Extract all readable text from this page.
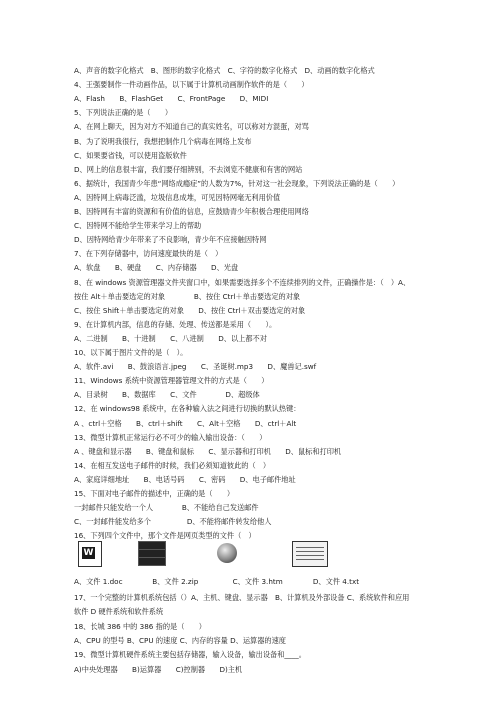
A、声音的数字化格式　B、图形的数字化格式　C、字符的数字化格式　D、动画的数字化格式
4、王强要制作一件动画作品，以下属于计算机动画制作软件的是（　　）
A、Flash　　B、FlashGet　　C、FrontPage　　D、MIDI
5、下列说法正确的是（　　）
A、在网上聊天，因为对方不知道自己的真实姓名，可以称对方混蛋，对骂
B、为了说明我很行，我想把制作几个病毒在网络上发布
C、如果要省钱，可以使用盗版软件
D、网上的信息很丰富，我们要仔细辨别，不去浏览不健康和有害的网站
6、据统计，我国青少年患“网络成瘾症”的人数为7%，针对这一社会现象，下列说法正确的是（　　）
A、因特网上病毒泛滥，垃圾信息成堆，可见因特网毫无利用价值
B、因特网有丰富的资源和有价值的信息，应鼓励青少年积极合理使用网络
C、因特网不能给学生带来学习上的帮助
D、因特网给青少年带来了不良影响，青少年不应接触因特网
7、在下列存储器中，访问速度最快的是（　）
A、软盘　　B、硬盘　　C、内存储器　　D、光盘
8、在 windows 资源管理器文件夹窗口中，如果需要选择多个不连续排列的文件，正确操作是：（　）A、
按住 Alt＋单击要选定的对象　　　　B、按住 Ctrl＋单击要选定的对象
C、按住 Shift＋单击要选定的对象　　D、按住 Ctrl＋双击要选定的对象
9、在计算机内部，信息的存储、处理、传送都是采用（　　）。
A、二进制　　B、十进制　　C、八进制　　D、以上都不对
10、以下属于图片文件的是（　）。
A、软件.avi　　B、鼓浪语言.jpeg　　C、圣诞树.mp3　　D、魔兽记.swf
11、Windows 系统中资源管理器管理文件的方式是（　　）
A、目录树　　B、数据库　　C、文件　　　　D、超级体
12、在 windows98 系统中，在各种输入法之间进行切换的默认热键：
A 、ctrl＋空格　　B、ctrl＋shift　　C、Alt＋空格　　D、ctrl＋Alt
13、微型计算机正常运行必不可少的输入输出设备：（　　）
A 、键盘和显示器　　B、键盘和鼠标　　C、显示器和打印机　　D、鼠标和打印机
14、在相互发送电子邮件的时候，我们必须知道彼此的（　）
A、家庭详细地址　　B、电话号码　　C、密码　　D、电子邮件地址
15、下面对电子邮件的描述中，正确的是（　　）
一封邮件只能发给一个人　　　　B、不能给自己发送邮件
C、一封邮件能发给多个　　　　　D、不能将邮件转发给他人
16、下列四个文件中，那个文件是网页类型的文件（　）
W
A、文件 1.doc	B、文件 2.zip	C、文件 3.htm	D、文件 4.txt
17、一个完整的计算机系统包括（）A、主机、键盘、显示器　B、计算机及外部设备 C、系统软件和应用
软件 D 硬件系统和软件系统
18、长城 386 中的 386 指的是（　　）
A、CPU 的型号 B、CPU 的速度 C、内存的容量 D、运算器的速度
19、微型计算机硬件系统主要包括存储器，输入设备，输出设备和____。
A)中央处理器　　B)运算器　　C)控制器　　D)主机
